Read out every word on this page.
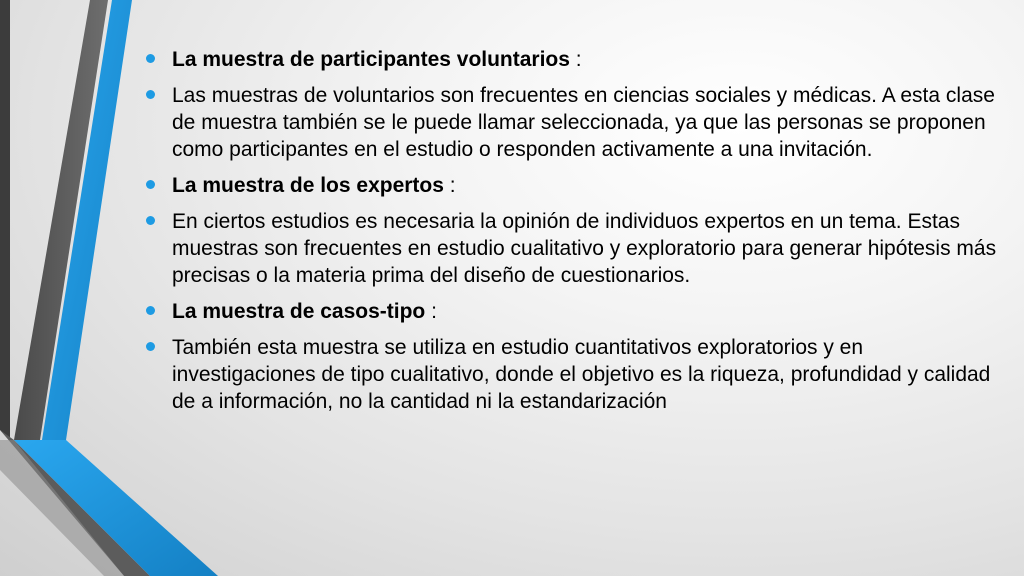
La muestra de participantes voluntarios :
Las muestras de voluntarios son frecuentes en ciencias sociales y médicas. A esta clase de muestra también se le puede llamar seleccionada, ya que las personas se proponen como participantes en el estudio o responden activamente a una invitación.
La muestra de los expertos :
En ciertos estudios es necesaria la opinión de individuos expertos en un tema. Estas muestras son frecuentes en estudio cualitativo y exploratorio para generar hipótesis más precisas o la materia prima del diseño de cuestionarios.
La muestra de casos-tipo :
También esta muestra se utiliza en estudio cuantitativos exploratorios y en investigaciones de tipo cualitativo, donde el objetivo es la riqueza, profundidad y calidad de a información, no la cantidad ni la estandarización
